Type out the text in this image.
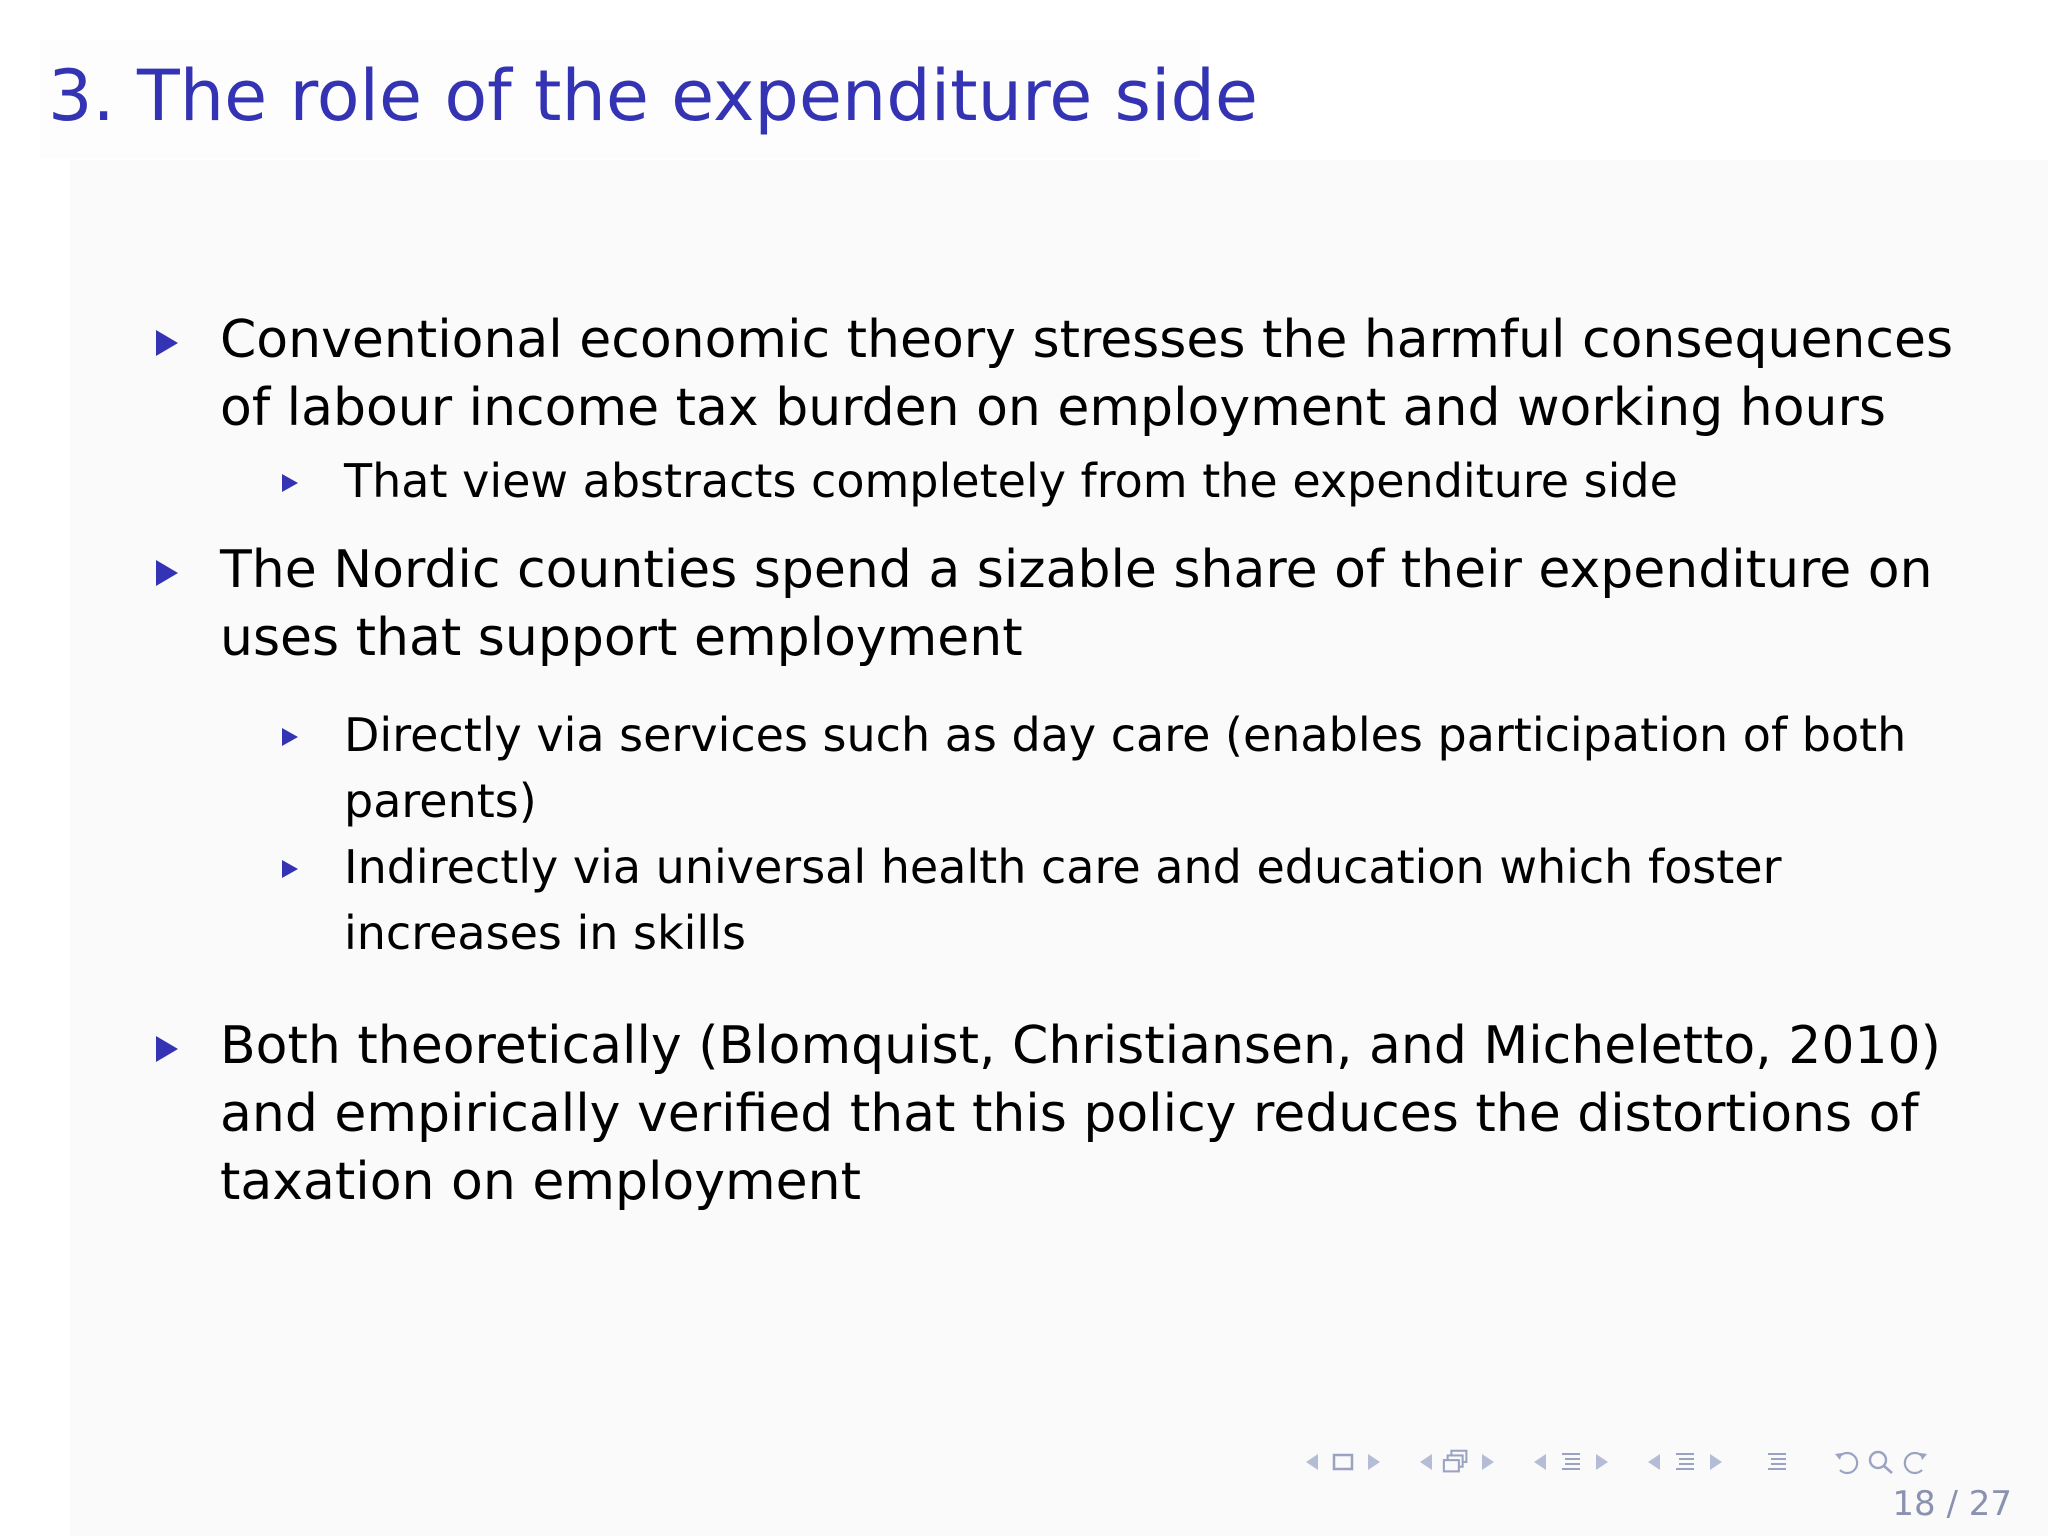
3. The role of the expenditure side
Conventional economic theory stresses the harmful consequences of labour income tax burden on employment and working hours
That view abstracts completely from the expenditure side
The Nordic counties spend a sizable share of their expenditure on uses that support employment
Directly via services such as day care (enables participation of both parents)
Indirectly via universal health care and education which foster increases in skills
Both theoretically (Blomquist, Christiansen, and Micheletto, 2010) and empirically verified that this policy reduces the distortions of taxation on employment
18 / 27
